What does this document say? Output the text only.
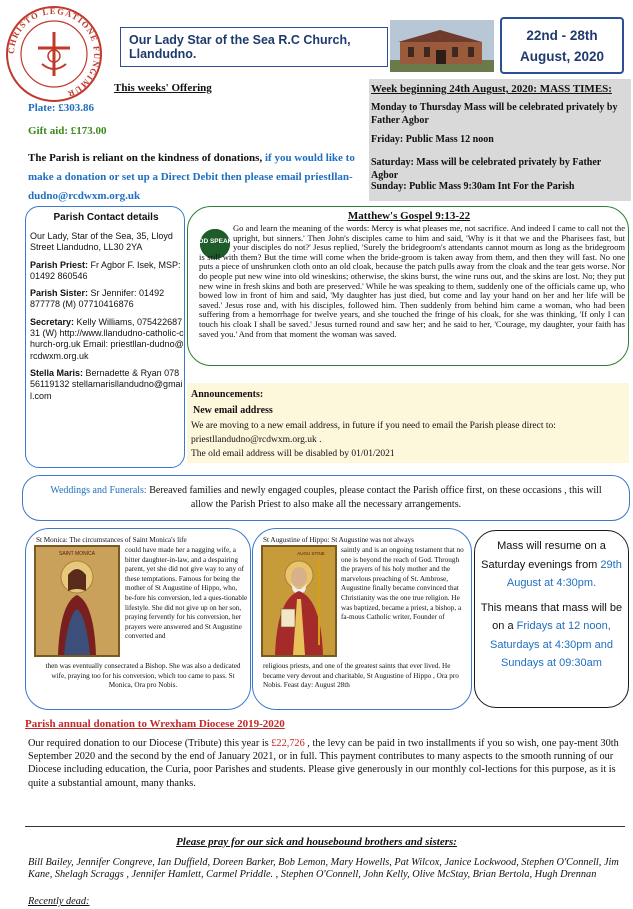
CHRISTO LEGATIONE FUNGIMUR
Our Lady Star of the Sea R.C Church, Llandudno.
22nd - 28th
August, 2020
This weeks' Offering
Plate: £303.86
Gift aid: £173.00
The Parish is reliant on the kindness of donations, if you would like to make a donation or set up a Direct Debit then please email priestllan-dudno@rcdwxm.org.uk
Week beginning 24th August, 2020: MASS TIMES:
Monday to Thursday Mass will be celebrated privately by Father Agbor
Friday: Public Mass 12 noon
Saturday: Mass will be celebrated privately by Father Agbor
Sunday: Public Mass 9:30am Int For the Parish
Parish Contact details

Our Lady, Star of the Sea, 35, Lloyd Street Llandudno, LL30 2YA

Parish Priest: Fr Agbor F. Isek, MSP: 01492 860546

Parish Sister: Sr Jennifer: 01492 877778 (M) 07710416876

Secretary: Kelly Williams, 07542268731 (W) http://www.llandudno-catholic-church-org.uk Email: priestllan-dudno@rcdwxm.org.uk

Stella Maris: Bernadette & Ryan 07856119132 stellamarisllandudno@gmail.com

Matthew's Gospel 9:13-22
GOD SPEAKS
Go and learn the meaning of the words: Mercy is what pleases me, not sacrifice. And indeed I came to call not the upright, but sinners.' Then John's disciples came to him and said, 'Why is it that we and the Pharisees fast, but your disciples do not?' Jesus replied, 'Surely the bridegroom's attendants cannot mourn as long as the bridegroom is still with them? But the time will come when the bride-groom is taken away from them, and then they will fast. No one puts a piece of unshrunken cloth onto an old cloak, because the patch pulls away from the cloak and the tear gets worse. Nor do people put new wine into old wineskins; otherwise, the skins burst, the wine runs out, and the skins are lost. No; they put new wine in fresh skins and both are preserved.' While he was speaking to them, suddenly one of the officials came up, who bowed low in front of him and said, 'My daughter has just died, but come and lay your hand on her and her life will be saved.' Jesus rose and, with his disciples, followed him. Then suddenly from behind him came a woman, who had been suffering from a hemorrhage for twelve years, and she touched the fringe of his cloak, for she was thinking, 'If only I can touch his cloak I shall be saved.' Jesus turned round and saw her; and he said to her, 'Courage, my daughter, your faith has saved you.' And from that moment the woman was saved.
Announcements:
New email address
We are moving to a new email address, in future if you need to email the Parish please direct to:
priestllandudno@rcdwxm.org.uk .
The old email address will be disabled by 01/01/2021
Weddings and Funerals: Bereaved families and newly engaged couples, please contact the Parish office first, on these occasions , this will allow the Parish Priest to also make all the necessary arrangements.
St Monica: The circumstances of Saint Monica's life
SAINT MONICA	could have made her a nagging wife, a bitter daughter-in-law, and a despairing parent, yet she did not give way to any of these temptations. Famous for being the mother of St Augustine of Hippo, who, be-fore his conversion, led a ques-tionable lifestyle. She did not give up on her son, praying fervently for his conversion, her prayers were answered and St Augustine converted and
then was eventually consecrated a Bishop. She was also a dedicated wife, praying too for his conversion, which too came to pass. St Monica, Ora pro Nobis.
St Augustine of Hippo: St Augustine was not always
AUGU STINE saintly and is an ongoing testament that no one is beyond the reach of God. Through the prayers of his holy mother and the marvelous preaching of St. Ambrose, Augustine finally became convinced that Christianity was the one true religion. He was baptized, became a priest, a bishop, a fa-mous Catholic writer, Founder of
religious priests, and one of the greatest saints that ever lived. He became very devout and charitable, St Augustine of Hippo , Ora pro Nobis. Feast day: August 28th
Mass will resume on a Saturday evenings from 29th August at 4:30pm.
This means that mass will be on a Fridays at 12 noon, Saturdays at 4:30pm and Sundays at 09:30am
Parish annual donation to Wrexham Diocese 2019-2020
Our required donation to our Diocese (Tribute) this year is £22,726 , the levy can be paid in two installments if you so wish, one pay-ment 30th September 2020 and the second by the end of January 2021, or in full. This payment contributes to many aspects to the smooth running of our Diocese including education, the Curia, poor Parishes and students. Please give generously in our monthly col-lections for this purpose, as it is quite a substantial amount, many thanks.
Please pray for our sick and housebound brothers and sisters:
Bill Bailey, Jennifer Congreve, Ian Duffield, Doreen Barker, Bob Lemon, Mary Howells, Pat Wilcox, Janice Lockwood, Stephen O'Connell, Jim Kane, Shelagh Scraggs , Jennifer Hamlett, Carmel Priddle. , Stephen O'Connell, John Kelly, Olive McStay, Brian Bertola, Hugh Drennan
Recently dead:
